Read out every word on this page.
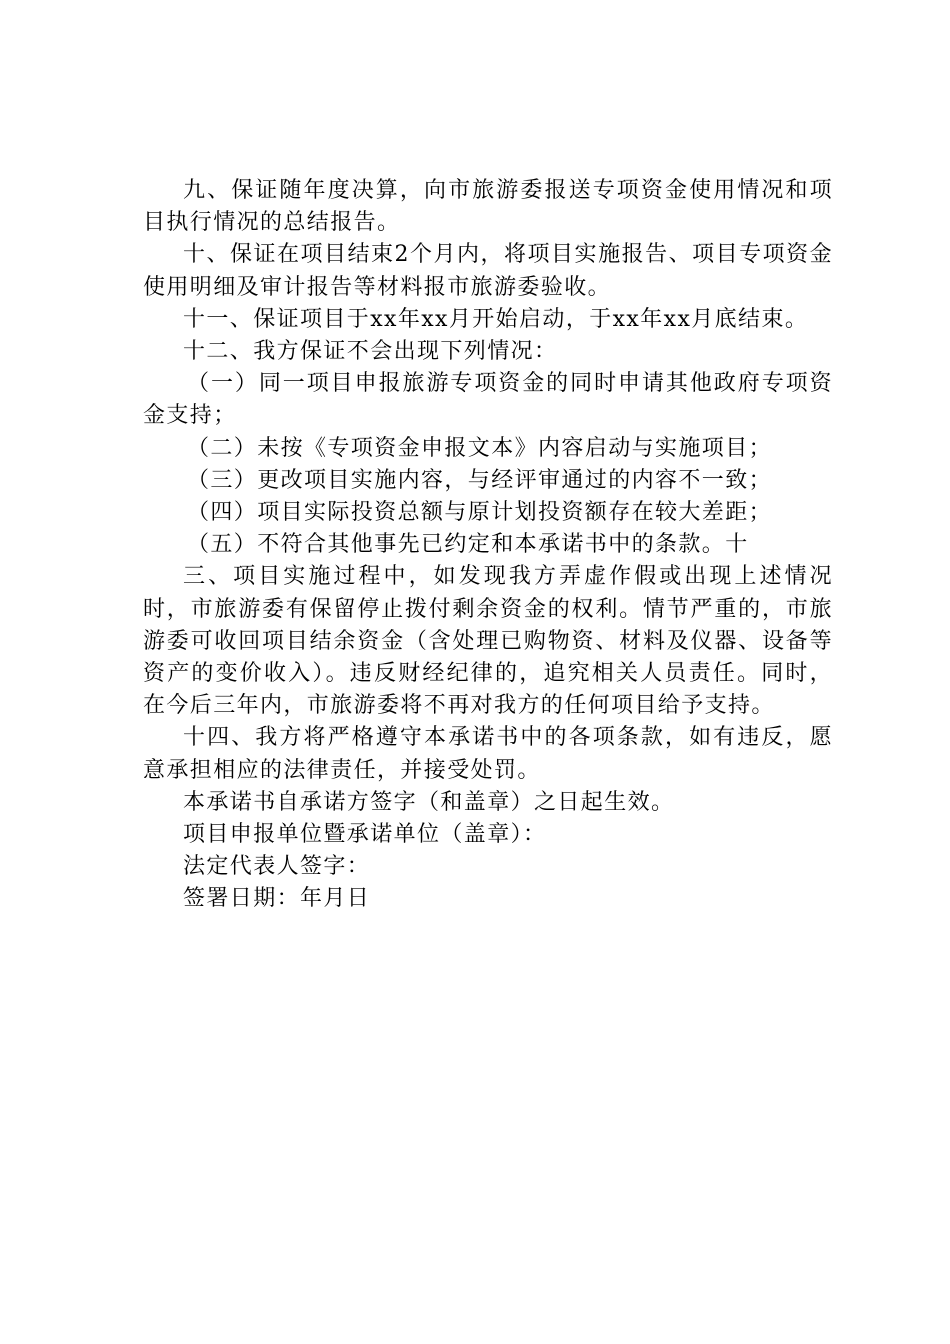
九、保证随年度决算，向市旅游委报送专项资金使用情况和项目执行情况的总结报告。

十、保证在项目结束2个月内，将项目实施报告、项目专项资金使用明细及审计报告等材料报市旅游委验收。

十一、保证项目于xx年xx月开始启动，于xx年xx月底结束。

十二、我方保证不会出现下列情况：

（一）同一项目申报旅游专项资金的同时申请其他政府专项资金支持；

（二）未按《专项资金申报文本》内容启动与实施项目；

（三）更改项目实施内容，与经评审通过的内容不一致；

（四）项目实际投资总额与原计划投资额存在较大差距；

（五）不符合其他事先已约定和本承诺书中的条款。十

三、项目实施过程中，如发现我方弄虚作假或出现上述情况时，市旅游委有保留停止拨付剩余资金的权利。情节严重的，市旅游委可收回项目结余资金（含处理已购物资、材料及仪器、设备等资产的变价收入）。违反财经纪律的，追究相关人员责任。同时，在今后三年内，市旅游委将不再对我方的任何项目给予支持。

十四、我方将严格遵守本承诺书中的各项条款，如有违反，愿意承担相应的法律责任，并接受处罚。

本承诺书自承诺方签字（和盖章）之日起生效。

项目申报单位暨承诺单位（盖章）：

法定代表人签字：

签署日期：年月日
